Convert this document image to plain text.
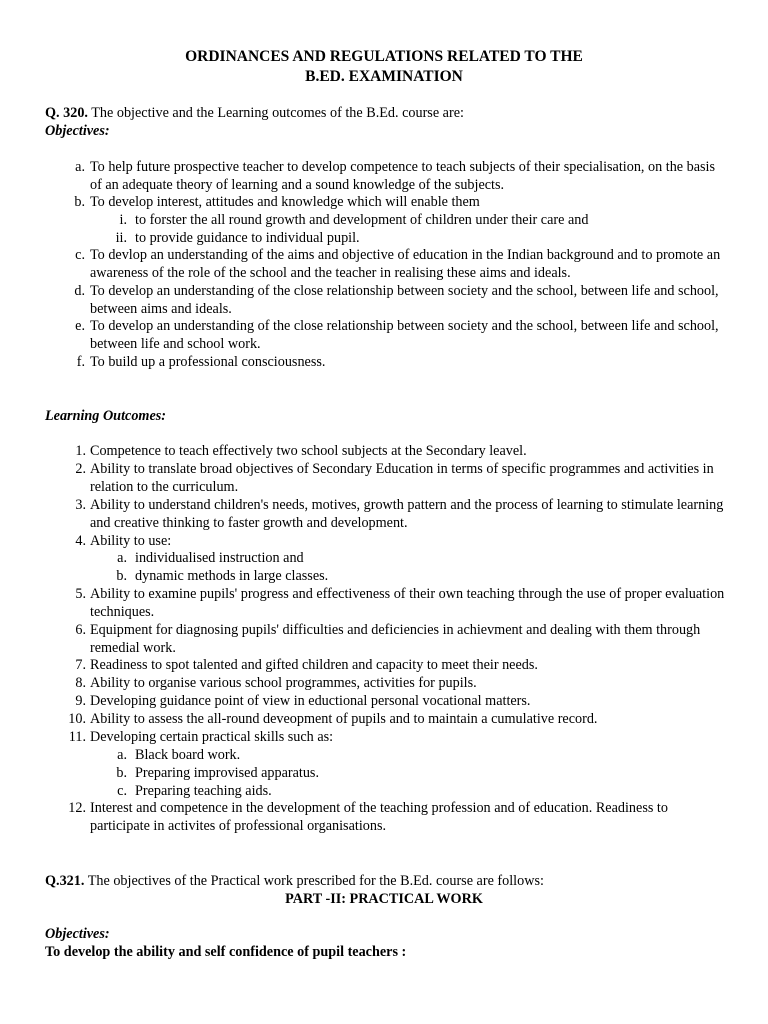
ORDINANCES AND REGULATIONS RELATED TO THE
B.ED. EXAMINATION
Q. 320. The objective and the Learning outcomes of the B.Ed. course are:
Objectives:
a. To help future prospective teacher to develop competence to teach subjects of their specialisation, on the basis of an adequate theory of learning and a sound knowledge of the subjects.
b. To develop interest, attitudes and knowledge which will enable them
i. to forster the all round growth and development of children under their care and
ii. to provide guidance to individual pupil.
c. To devlop an understanding of the aims and objective of education in the Indian background and to promote an awareness of the role of the school and the teacher in realising these aims and ideals.
d. To develop an understanding of the close relationship between society and the school, between life and school, between aims and ideals.
e. To develop an understanding of the close relationship between society and the school, between life and school, between life and school work.
f. To build up a professional consciousness.
Learning Outcomes:
1. Competence to teach effectively two school subjects at the Secondary leavel.
2. Ability to translate broad objectives of Secondary Education in terms of specific programmes and activities in relation to the curriculum.
3. Ability to understand children's needs, motives, growth pattern and the process of learning to stimulate learning and creative thinking to faster growth and development.
4. Ability to use:
a. individualised instruction and
b. dynamic methods in large classes.
5. Ability to examine pupils' progress and effectiveness of their own teaching through the use of proper evaluation techniques.
6. Equipment for diagnosing pupils' difficulties and deficiencies in achievment and dealing with them through remedial work.
7. Readiness to spot talented and gifted children and capacity to meet their needs.
8. Ability to organise various school programmes, activities for pupils.
9. Developing guidance point of view in eductional personal vocational matters.
10. Ability to assess the all-round deveopment of pupils and to maintain a cumulative record.
11. Developing certain practical skills such as:
a. Black board work.
b. Preparing improvised apparatus.
c. Preparing teaching aids.
12. Interest and competence in the development of the teaching profession and of education. Readiness to participate in activites of professional organisations.
Q.321. The objectives of the Practical work prescribed for the B.Ed. course are follows:
PART -II: PRACTICAL WORK
Objectives:
To develop the ability and self confidence of pupil teachers :
